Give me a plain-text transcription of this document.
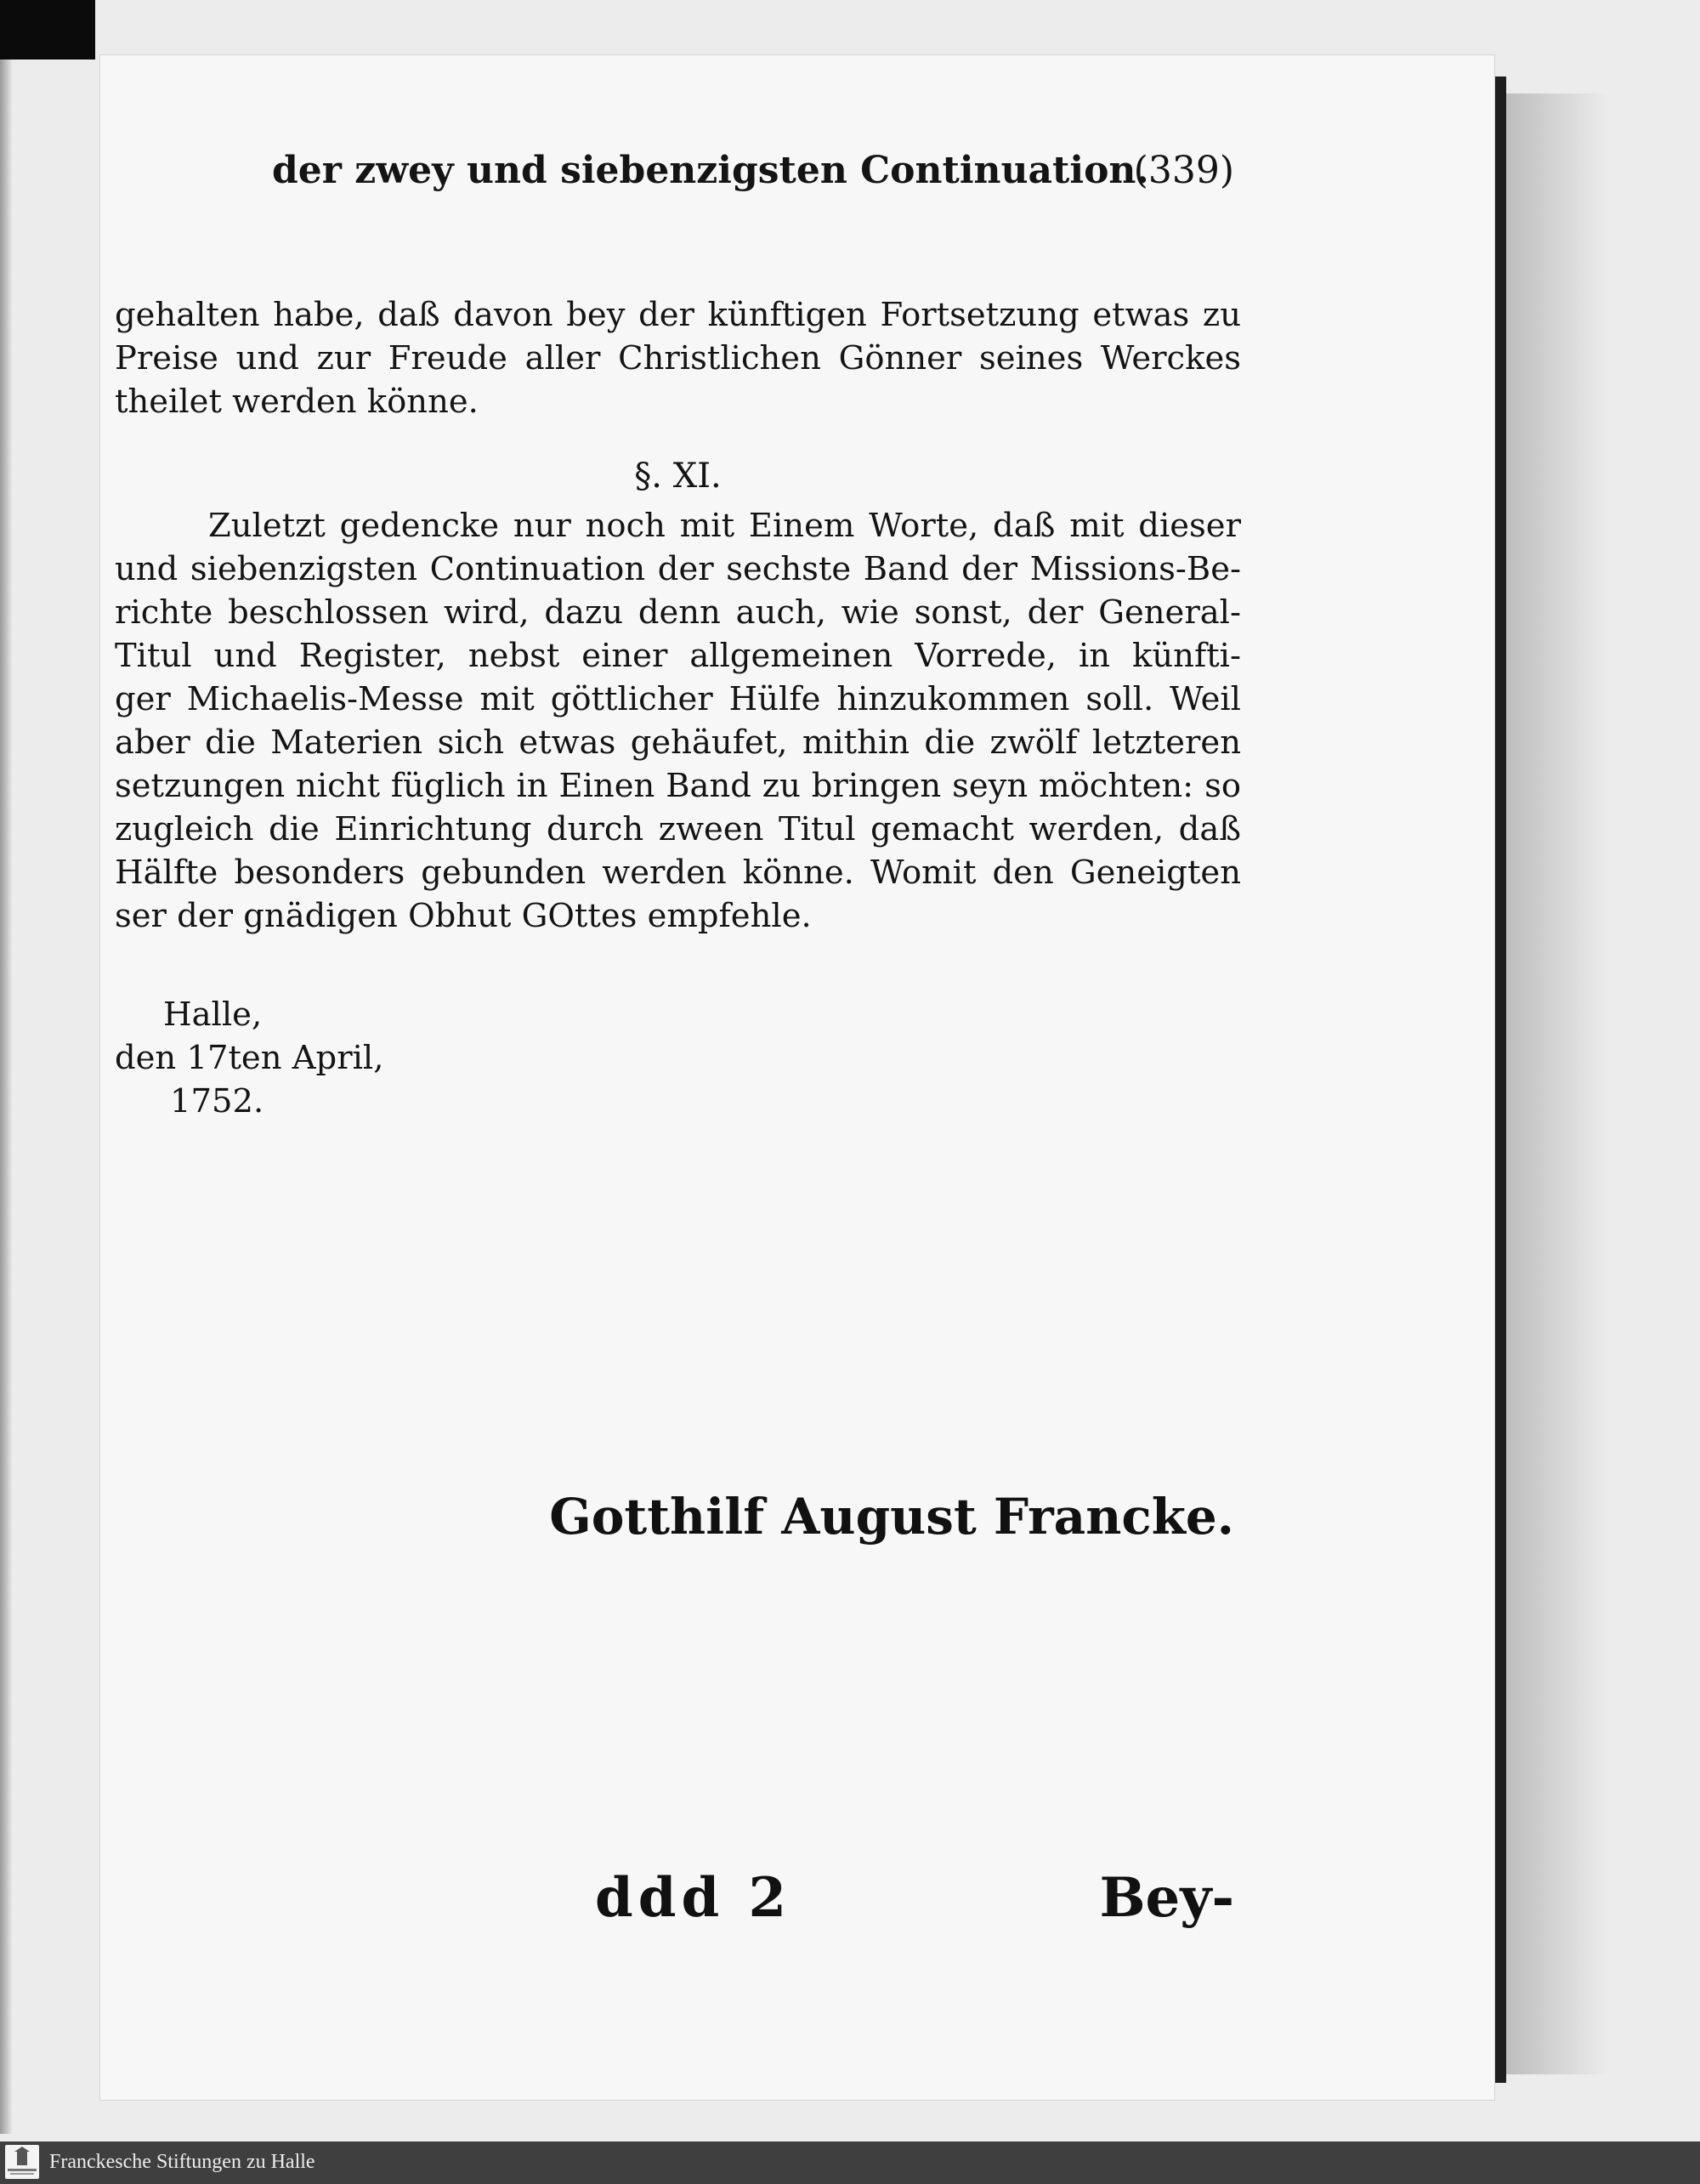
der zwey und siebenzigsten Continuation.
(339)
gehalten habe, daß davon bey der künftigen Fortsetzung etwas zu
Preise und zur Freude aller Christlichen Gönner seines Werckes
theilet werden könne.
§. XI.
Zuletzt gedencke nur noch mit Einem Worte, daß mit dieser
und siebenzigsten Continuation der sechste Band der Missions-Be-
richte beschlossen wird, dazu denn auch, wie sonst, der General-
Titul und Register, nebst einer allgemeinen Vorrede, in künfti-
ger Michaelis-Messe mit göttlicher Hülfe hinzukommen soll. Weil
aber die Materien sich etwas gehäufet, mithin die zwölf letzteren
setzungen nicht füglich in Einen Band zu bringen seyn möchten: so
zugleich die Einrichtung durch zween Titul gemacht werden, daß
Hälfte besonders gebunden werden könne. Womit den Geneigten
ser der gnädigen Obhut GOttes empfehle.
Halle,
den 17ten April,
1752.
Gotthilf August Francke.
ddd 2	Bey-
Franckesche Stiftungen zu Halle
